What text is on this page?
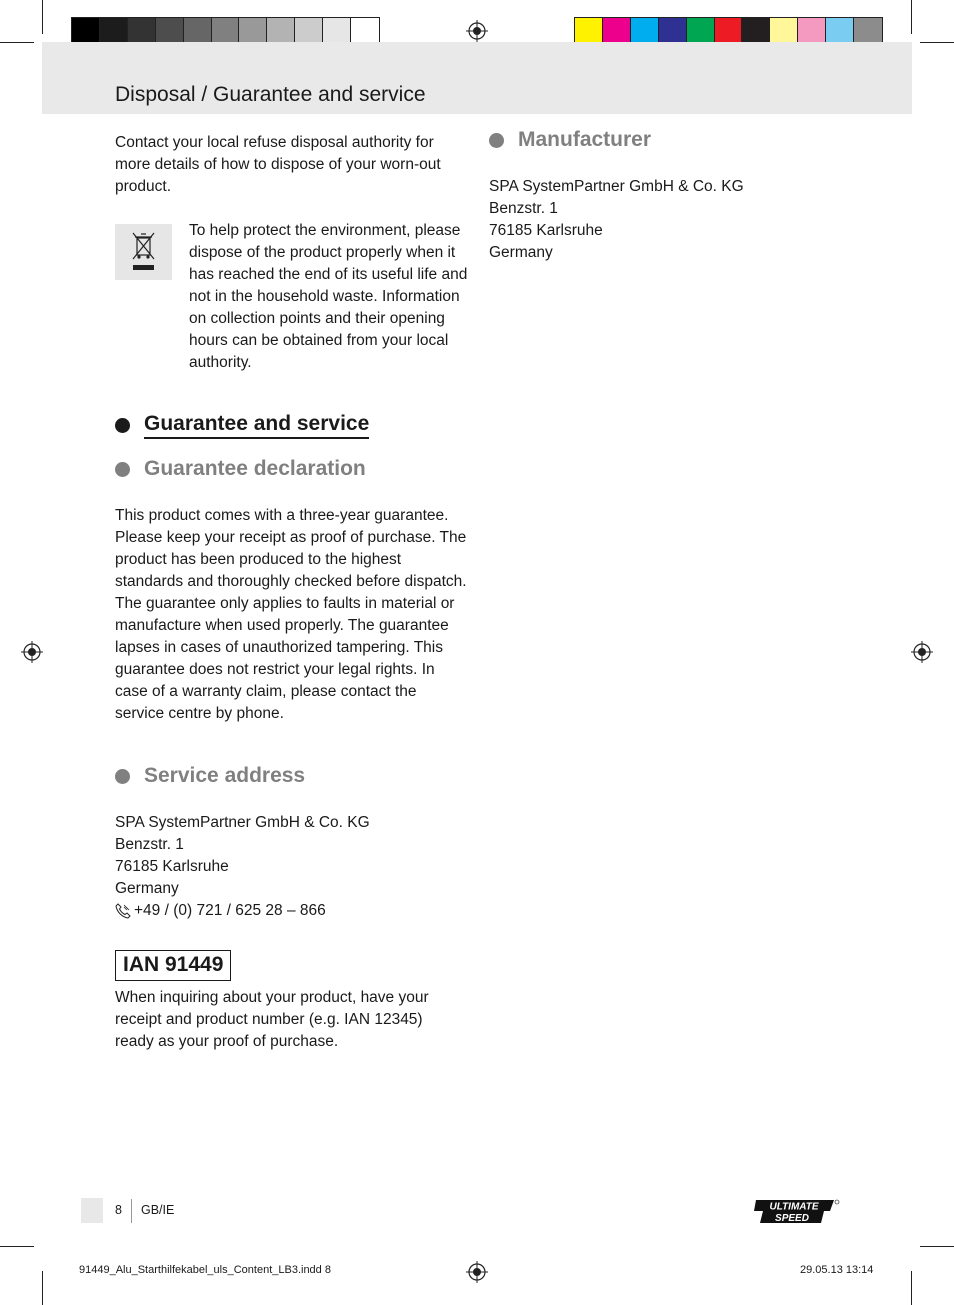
Disposal / Guarantee and service
Contact your local refuse disposal authority for more details of how to dispose of your worn-out product.
To help protect the environment, please dispose of the product properly when it has reached the end of its useful life and not in the household waste. Information on collection points and their opening hours can be obtained from your local authority.
Guarantee and service
Guarantee declaration
This product comes with a three-year guarantee. Please keep your receipt as proof of purchase. The product has been produced to the highest standards and thoroughly checked before dispatch. The guarantee only applies to faults in material or manufacture when used properly. The guarantee lapses in cases of unauthorized tampering. This guarantee does not restrict your legal rights. In case of a warranty claim, please contact the service centre by phone.
Service address
SPA SystemPartner GmbH & Co. KG
Benzstr. 1
76185 Karlsruhe
Germany
+49 / (0) 721 / 625 28 – 866
IAN 91449
When inquiring about your product, have your receipt and product number (e.g. IAN 12345) ready as your proof of purchase.
Manufacturer
SPA SystemPartner GmbH & Co. KG
Benzstr. 1
76185 Karlsruhe
Germany
8 GB/IE	ULTIMATE
SPEED
91449_Alu_Starthilfekabel_uls_Content_LB3.indd 8	29.05.13 13:14
